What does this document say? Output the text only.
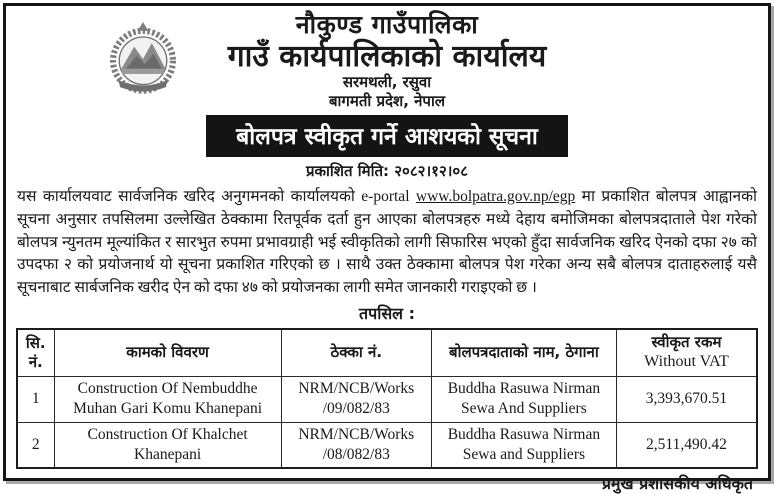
नौकुण्ड गाउँपालिका
गाउँ कार्यपालिकाको कार्यालय
सरमथली, रसुवा
बागमती प्रदेश, नेपाल
बोलपत्र स्वीकृत गर्ने आशयको सूचना
प्रकाशित मिति: २०८२।१२।०८

यस कार्यालयवाट सार्वजनिक खरिद अनुगमनको कार्यालयको e-portal www.bolpatra.gov.np/egp मा प्रकाशित बोलपत्र आह्वानको सूचना अनुसार तपसिलमा उल्लेखित ठेक्कामा रितपूर्वक दर्ता हुन आएका बोलपत्रहरु मध्ये देहाय बमोजिमका बोलपत्रदाताले पेश गरेको बोलपत्र न्युनतम मूल्यांकित र सारभुत रुपमा प्रभावग्राही भई स्वीकृतिको लागी सिफारिस भएको हुँदा सार्वजनिक खरिद ऐनको दफा २७ को उपदफा २ को प्रयोजनार्थ यो सूचना प्रकाशित गरिएको छ । साथै उक्त ठेक्कामा बोलपत्र पेश गरेका अन्य सबै बोलपत्र दाताहरुलाई यसै सूचनाबाट सार्बजनिक खरीद ऐन को दफा ४७ को प्रयोजनका लागी समेत जानकारी गराइएको छ ।

तपसिल :
सि. नं.	कामको विवरण	ठेक्का नं.	बोलपत्रदाताको नाम, ठेगाना	स्वीकृत रकम
Without VAT

1	Construction Of Nembuddhe Muhan Gari Komu Khanepani	NRM/NCB/Works /09/082/83	Buddha Rasuwa Nirman Sewa And Suppliers	3,393,670.51
2	Construction Of Khalchet Khanepani	NRM/NCB/Works /08/082/83	Buddha Rasuwa Nirman Sewa and Suppliers	2,511,490.42
प्रमुख प्रशासकीय अधिकृत
